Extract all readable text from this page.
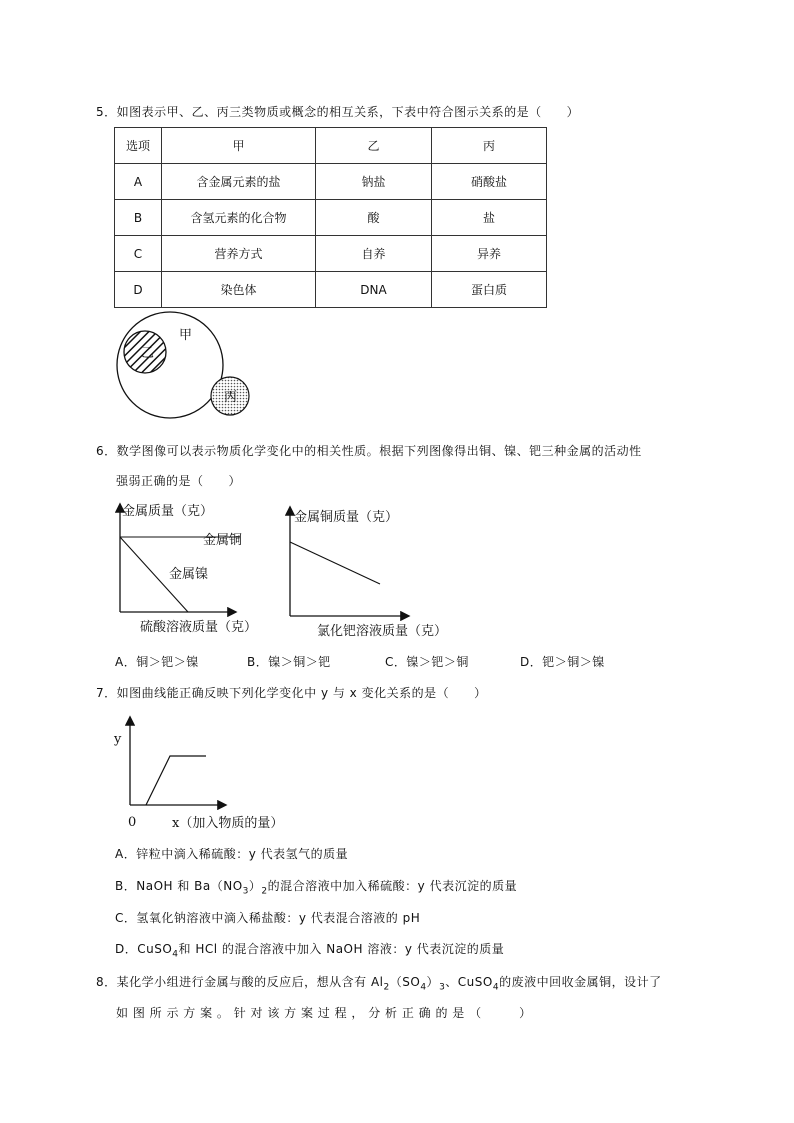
5．如图表示甲、乙、丙三类物质或概念的相互关系，下表中符合图示关系的是（　　）
选项	甲	乙	丙
A	含金属元素的盐	钠盐	硝酸盐
B	含氢元素的化合物	酸	盐
C	营养方式	自养	异养
D	染色体	DNA	蛋白质
甲
乙
丙
6．数学图像可以表示物质化学变化中的相关性质。根据下列图像得出铜、镍、钯三种金属的活动性
强弱正确的是（　　）
金属质量（克）
金属铜
金属镍
硫酸溶液质量（克）
金属铜质量（克）
氯化钯溶液质量（克）
A．铜＞钯＞镍	B．镍＞铜＞钯	C．镍＞钯＞铜	D．钯＞铜＞镍
7．如图曲线能正确反映下列化学变化中 y 与 x 变化关系的是（　　）
y
0	x（加入物质的量）
A．锌粒中滴入稀硫酸：y 代表氢气的质量
B．NaOH 和 $Ba(NO_3)_2$的混合溶液中加入稀硫酸：y 代表沉淀的质量
C．氢氧化钠溶液中滴入稀盐酸：y 代表混合溶液的 pH
D．CuSO$_4$和 HCl 的混合溶液中加入 NaOH 溶液：y 代表沉淀的质量
8．某化学小组进行金属与酸的反应后，想从含有 $Al_2(SO_4)_3$、CuSO$_4$的废液中回收金属铜，设计了
如 图 所 示 方 案 。 针 对 该 方 案 过 程 ， 分 析 正 确 的 是 （　　　）
